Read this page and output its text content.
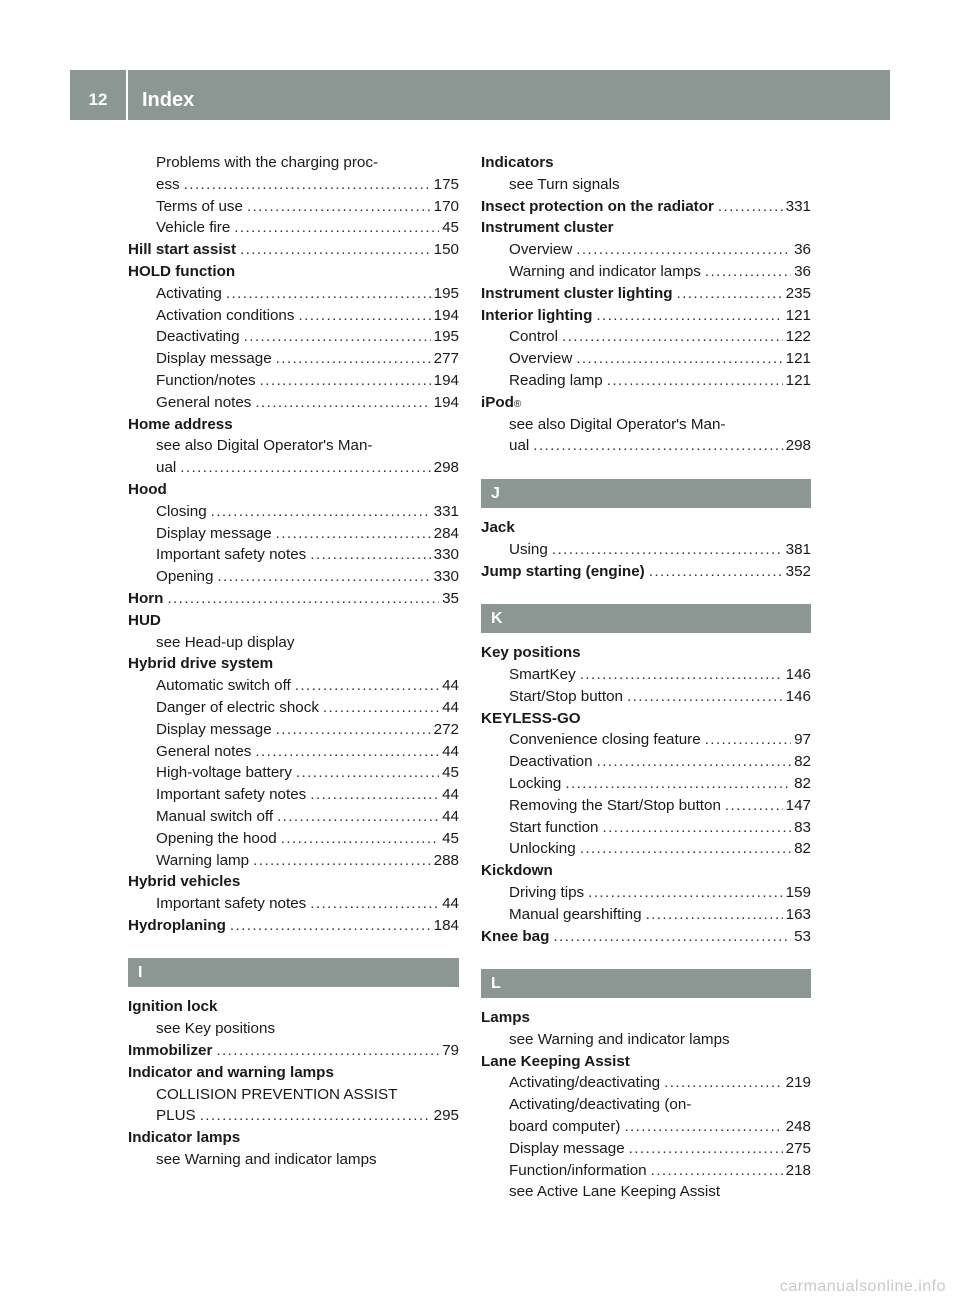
12	Index
Problems with the charging proc-
ess .....	175
Terms of use .....	170
Vehicle fire .....	45
Hill start assist .....	150
HOLD function
Activating .....	195
Activation conditions .....	194
Deactivating .....	195
Display message .....	277
Function/notes .....	194
General notes .....	194
Home address
see also Digital Operator's Man-
ual .....	298
Hood
Closing .....	331
Display message .....	284
Important safety notes .....	330
Opening .....	330
Horn .....	35
HUD
see Head-up display
Hybrid drive system
Automatic switch off .....	44
Danger of electric shock .....	44
Display message .....	272
General notes .....	44
High-voltage battery .....	45
Important safety notes .....	44
Manual switch off .....	44
Opening the hood .....	45
Warning lamp .....	288
Hybrid vehicles
Important safety notes .....	44
Hydroplaning .....	184
I
Ignition lock
see Key positions
Immobilizer .....	79
Indicator and warning lamps
COLLISION PREVENTION ASSIST
PLUS .....	295
Indicator lamps
see Warning and indicator lamps
Indicators
see Turn signals
Insect protection on the radiator .....	331
Instrument cluster
Overview .....	36
Warning and indicator lamps .....	36
Instrument cluster lighting .....	235
Interior lighting .....	121
Control .....	122
Overview .....	121
Reading lamp .....	121
iPod ®
see also Digital Operator's Man-
ual .....	298
J
Jack
Using .....	381
Jump starting (engine) .....	352
K
Key positions
SmartKey .....	146
Start/Stop button .....	146
KEYLESS-GO
Convenience closing feature .....	97
Deactivation .....	82
Locking .....	82
Removing the Start/Stop button .....	147
Start function .....	83
Unlocking .....	82
Kickdown
Driving tips .....	159
Manual gearshifting .....	163
Knee bag .....	53
L
Lamps
see Warning and indicator lamps
Lane Keeping Assist
Activating/deactivating .....	219
Activating/deactivating (on-
board computer) .....	248
Display message .....	275
Function/information .....	218
see Active Lane Keeping Assist
carmanualsonline.info
